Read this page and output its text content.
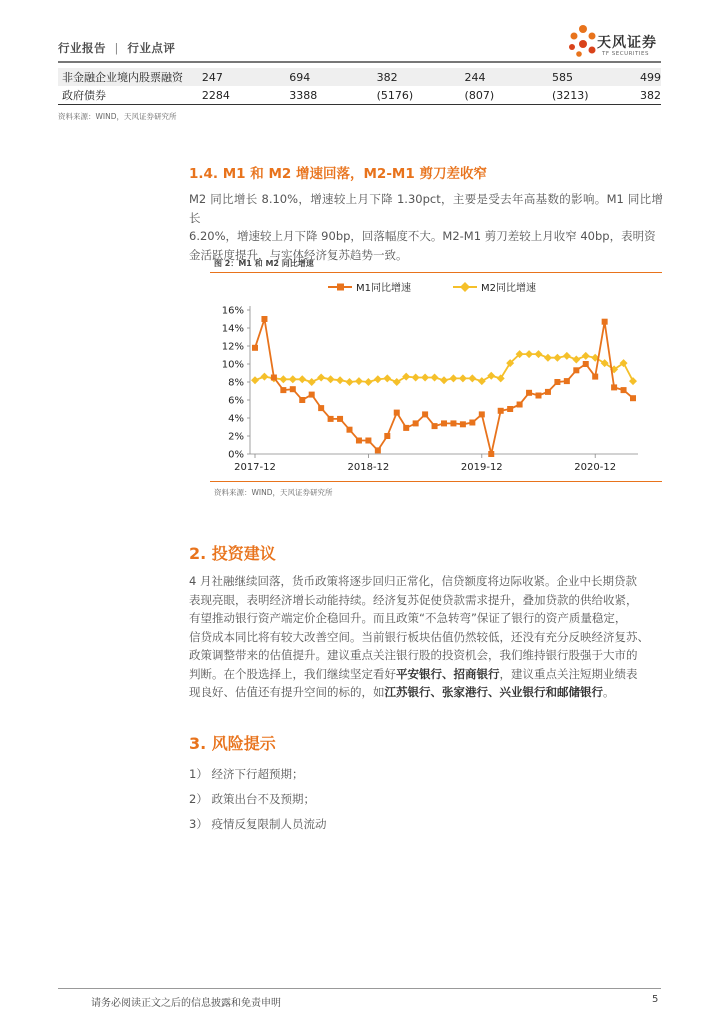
行业报告 | 行业点评	天风证券
TF SECURITIES
非金融企业境内股票融资	247	694	382	244	585	499
政府债券	2284	3388	(5176)	(807)	(3213)	382
资料来源：WIND，天风证券研究所
1.4. M1 和 M2 增速回落，M2-M1 剪刀差收窄
M2 同比增长 8.10%，增速较上月下降 1.30pct，主要是受去年高基数的影响。M1 同比增长
6.20%，增速较上月下降 90bp，回落幅度不大。M2-M1 剪刀差较上月收窄 40bp，表明资
金活跃度提升，与实体经济复苏趋势一致。
图 2：M1 和 M2 同比增速
M1同比增速	M2同比增速
0%
2%
4%
6%
8%
10%
12%
14%
16%
2017-12	2018-12	2019-12	2020-12
资料来源：WIND，天风证券研究所
2. 投资建议
4 月社融继续回落，货币政策将逐步回归正常化，信贷额度将边际收紧。企业中长期贷款
表现亮眼，表明经济增长动能持续。经济复苏促使贷款需求提升，叠加贷款的供给收紧，
有望推动银行资产端定价企稳回升。而且政策“不急转弯”保证了银行的资产质量稳定，
信贷成本同比将有较大改善空间。当前银行板块估值仍然较低，还没有充分反映经济复苏、
政策调整带来的估值提升。建议重点关注银行股的投资机会，我们维持银行股强于大市的
判断。在个股选择上，我们继续坚定看好平安银行、招商银行，建议重点关注短期业绩表
现良好、估值还有提升空间的标的，如江苏银行、张家港行、兴业银行和邮储银行。
3. 风险提示
1） 经济下行超预期；
2） 政策出台不及预期；
3） 疫情反复限制人员流动
请务必阅读正文之后的信息披露和免责申明	5
